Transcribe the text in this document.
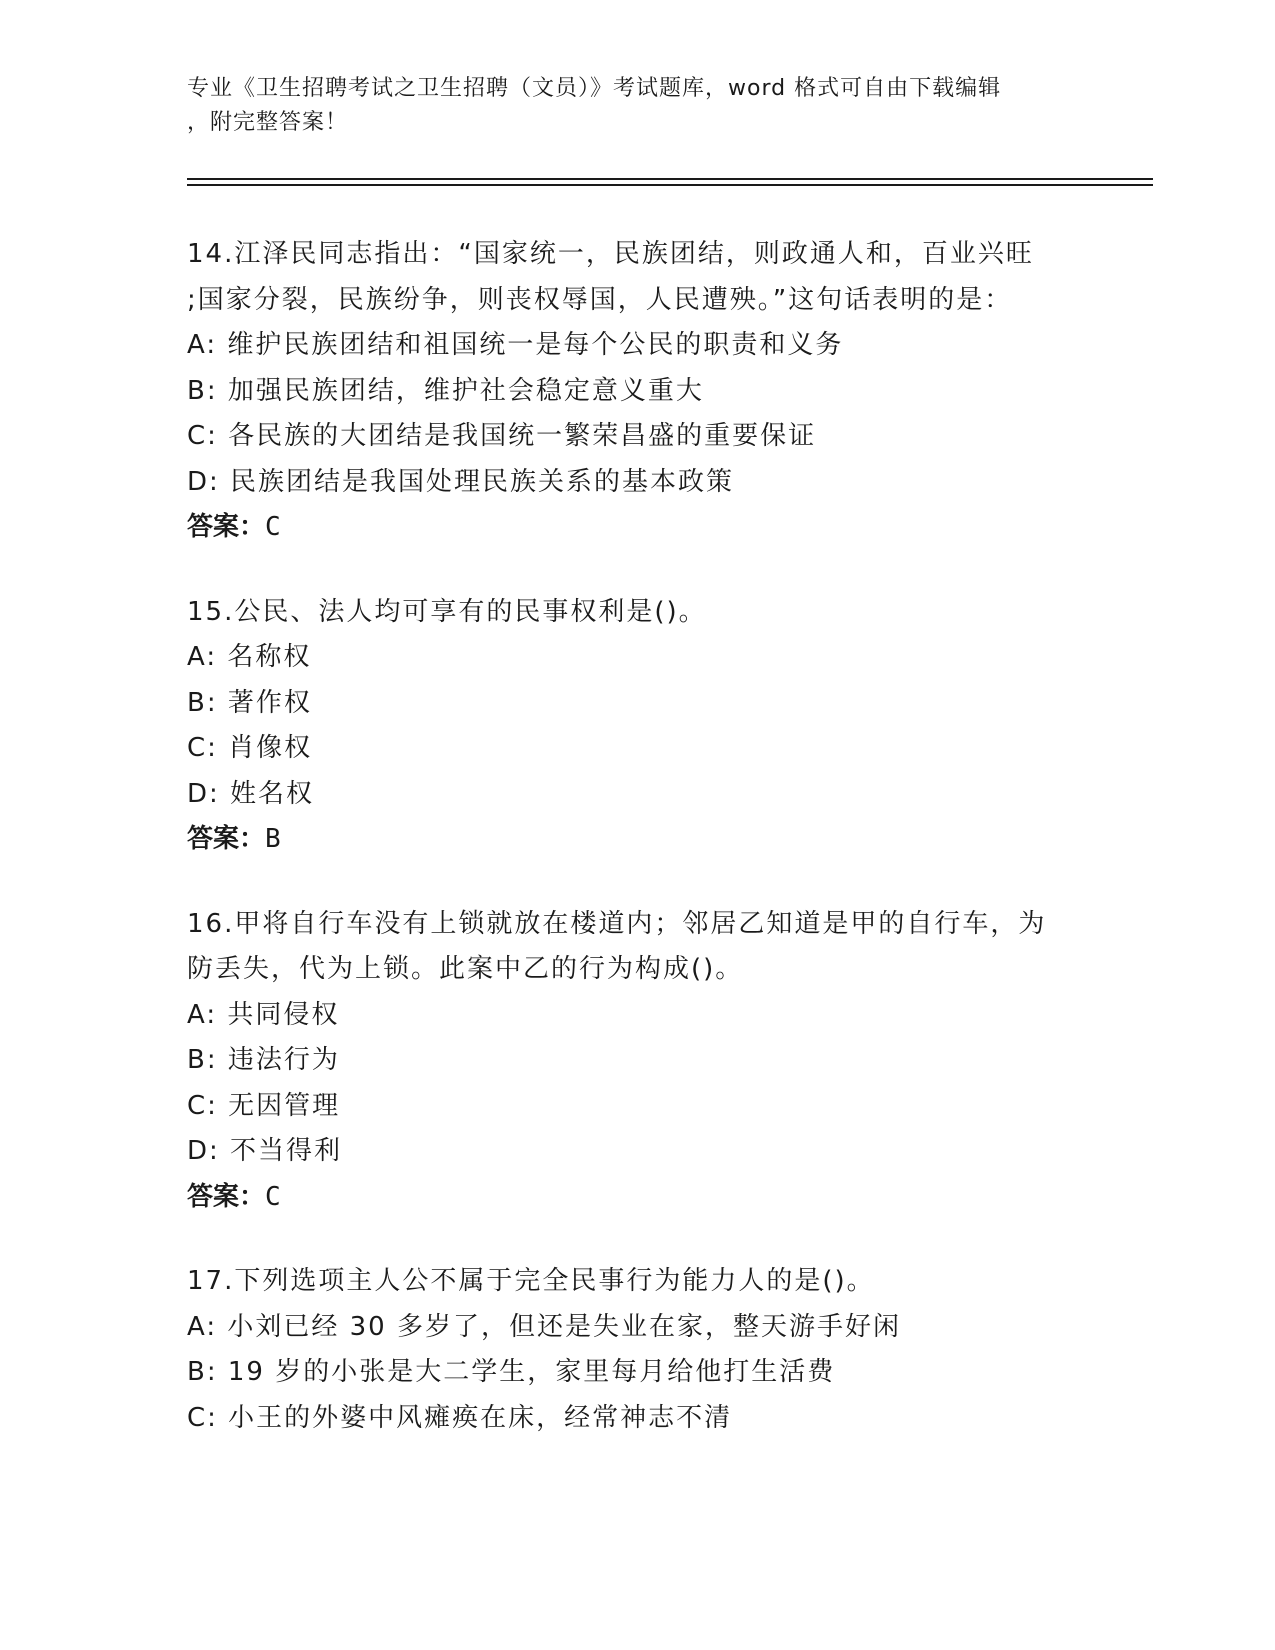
专业《卫生招聘考试之卫生招聘（文员）》考试题库，word 格式可自由下载编辑
，附完整答案！
14.江泽民同志指出：“国家统一，民族团结，则政通人和，百业兴旺
;国家分裂，民族纷争，则丧权辱国，人民遭殃。”这句话表明的是：
A: 维护民族团结和祖国统一是每个公民的职责和义务
B: 加强民族团结，维护社会稳定意义重大
C: 各民族的大团结是我国统一繁荣昌盛的重要保证
D: 民族团结是我国处理民族关系的基本政策
答案：C
15.公民、法人均可享有的民事权利是()。
A: 名称权
B: 著作权
C: 肖像权
D: 姓名权
答案：B
16.甲将自行车没有上锁就放在楼道内；邻居乙知道是甲的自行车，为
防丢失，代为上锁。此案中乙的行为构成()。
A: 共同侵权
B: 违法行为
C: 无因管理
D: 不当得利
答案：C
17.下列选项主人公不属于完全民事行为能力人的是()。
A: 小刘已经 30 多岁了，但还是失业在家，整天游手好闲
B: 19 岁的小张是大二学生，家里每月给他打生活费
C: 小王的外婆中风瘫痪在床，经常神志不清
